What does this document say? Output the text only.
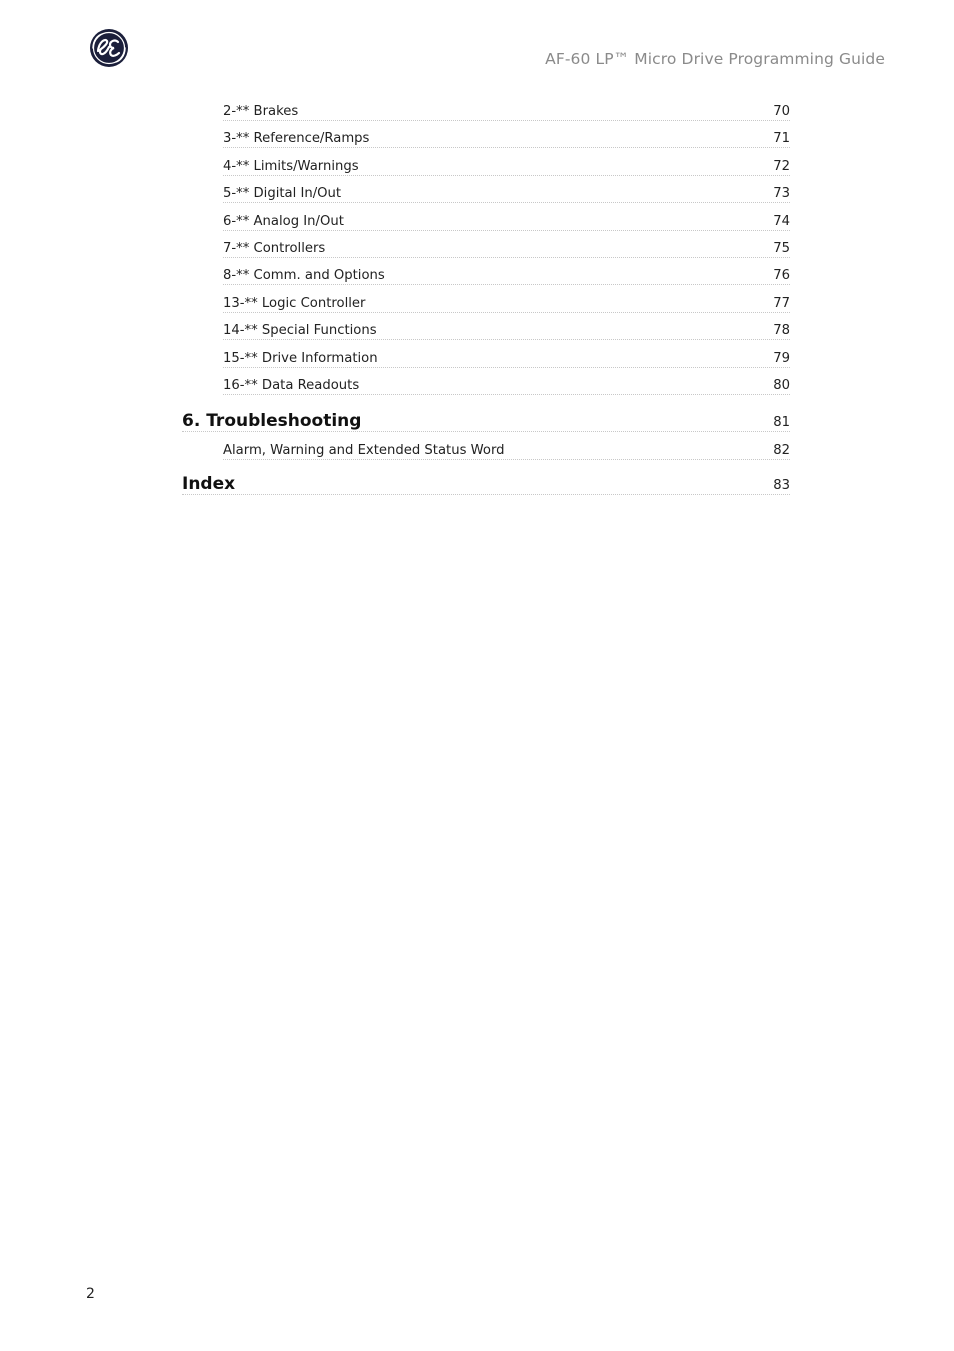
AF-60 LP™ Micro Drive Programming Guide
2-** Brakes	70
3-** Reference/Ramps	71
4-** Limits/Warnings	72
5-** Digital In/Out	73
6-** Analog In/Out	74
7-** Controllers	75
8-** Comm. and Options	76
13-** Logic Controller	77
14-** Special Functions	78
15-** Drive Information	79
16-** Data Readouts	80
6. Troubleshooting	81
Alarm, Warning and Extended Status Word	82
Index	83
2
